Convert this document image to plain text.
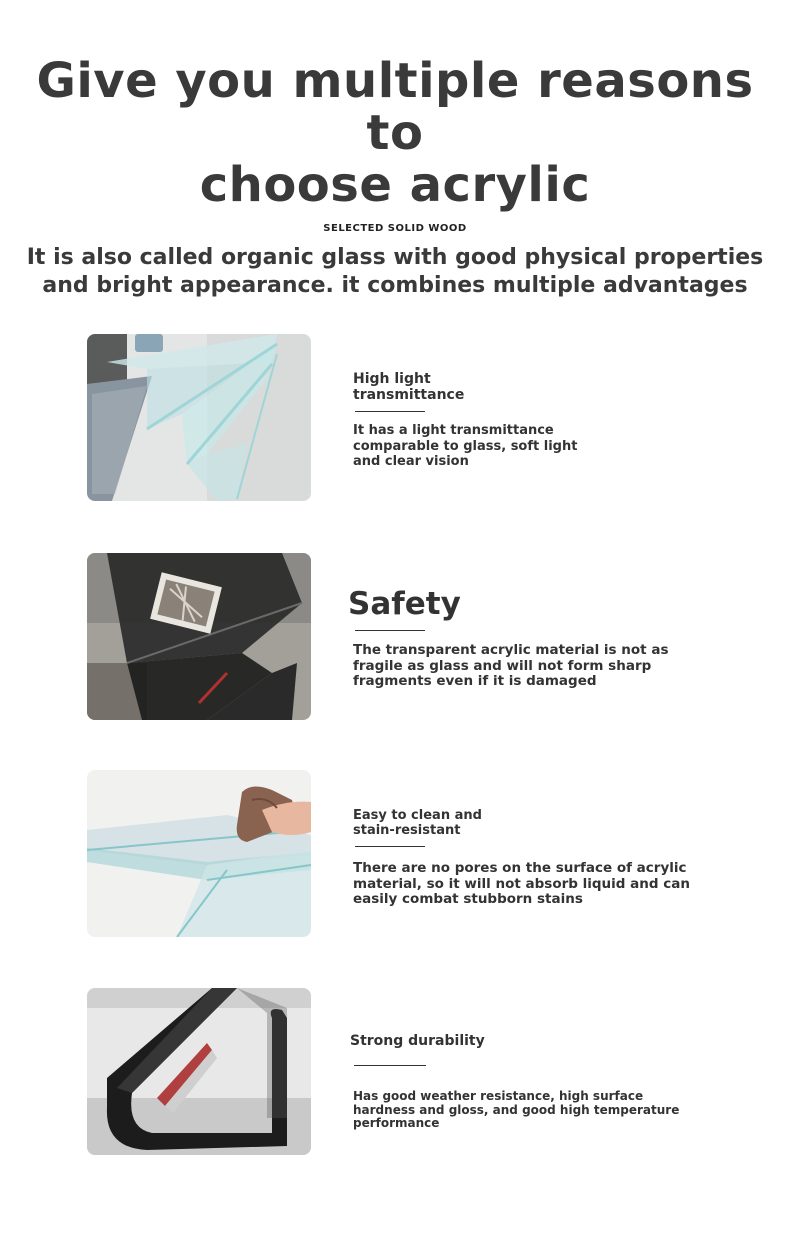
Give you multiple reasons to
choose acrylic
SELECTED SOLID WOOD
It is also called organic glass with good physical properties and bright appearance. it combines multiple advantages
High light
transmittance
It has a light transmittance comparable to glass, soft light and clear vision
Safety
The transparent acrylic material is not as fragile as glass and will not form sharp fragments even if it is damaged
Easy to clean and
stain-resistant
There are no pores on the surface of acrylic material, so it will not absorb liquid and can easily combat stubborn stains
Strong durability
Has good weather resistance, high surface hardness and gloss, and good high temperature performance
